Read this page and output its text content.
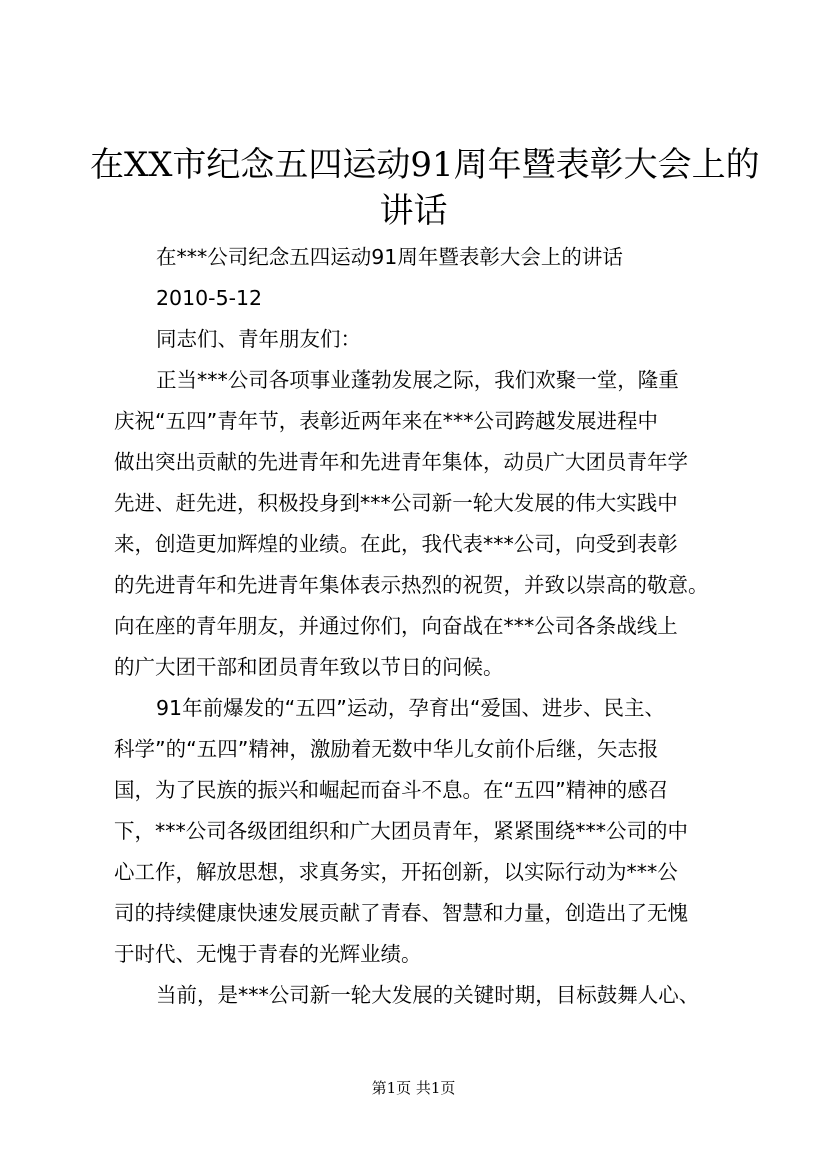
在XX市纪念五四运动91周年暨表彰大会上的
讲话
在***公司纪念五四运动91周年暨表彰大会上的讲话
2010-5-12
同志们、青年朋友们：
正当***公司各项事业蓬勃发展之际，我们欢聚一堂，隆重
庆祝“五四”青年节，表彰近两年来在***公司跨越发展进程中
做出突出贡献的先进青年和先进青年集体，动员广大团员青年学
先进、赶先进，积极投身到***公司新一轮大发展的伟大实践中
来，创造更加辉煌的业绩。在此，我代表***公司，向受到表彰
的先进青年和先进青年集体表示热烈的祝贺，并致以崇高的敬意。
向在座的青年朋友，并通过你们，向奋战在***公司各条战线上
的广大团干部和团员青年致以节日的问候。
91年前爆发的“五四”运动，孕育出“爱国、进步、民主、
科学”的“五四”精神，激励着无数中华儿女前仆后继，矢志报
国，为了民族的振兴和崛起而奋斗不息。在“五四”精神的感召
下，***公司各级团组织和广大团员青年，紧紧围绕***公司的中
心工作，解放思想，求真务实，开拓创新，以实际行动为***公
司的持续健康快速发展贡献了青春、智慧和力量，创造出了无愧
于时代、无愧于青春的光辉业绩。
当前，是***公司新一轮大发展的关键时期，目标鼓舞人心、
第1页 共1页
